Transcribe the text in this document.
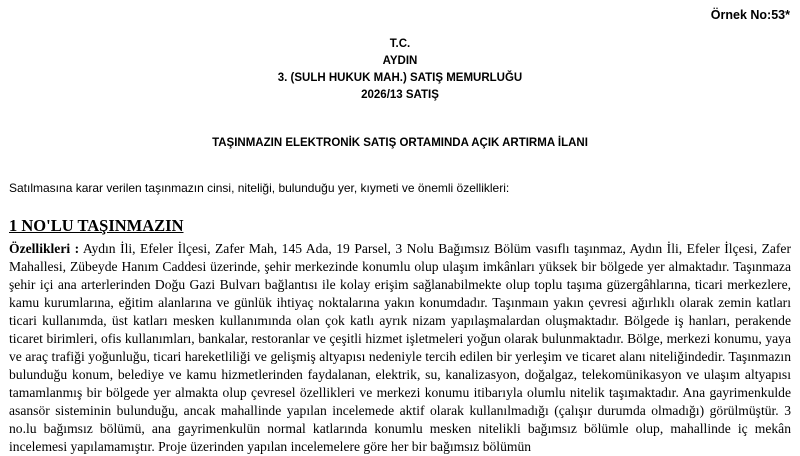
Örnek No:53*
T.C.
AYDIN
3. (SULH HUKUK MAH.) SATIŞ MEMURLUĞU
2026/13 SATIŞ
TAŞINMAZIN ELEKTRONİK SATIŞ ORTAMINDA AÇIK ARTIRMA İLANI
Satılmasına karar verilen taşınmazın cinsi, niteliği, bulunduğu yer, kıymeti ve önemli özellikleri:
1 NO'LU TAŞINMAZIN

Özellikleri : Aydın İli, Efeler İlçesi, Zafer Mah, 145 Ada, 19 Parsel, 3 Nolu Bağımsız Bölüm vasıflı taşınmaz, Aydın İli, Efeler İlçesi, Zafer Mahallesi, Zübeyde Hanım Caddesi üzerinde, şehir merkezinde konumlu olup ulaşım imkânları yüksek bir bölgede yer almaktadır. Taşınmaza şehir içi ana arterlerinden Doğu Gazi Bulvarı bağlantısı ile kolay erişim sağlanabilmekte olup toplu taşıma güzergâhlarına, ticari merkezlere, kamu kurumlarına, eğitim alanlarına ve günlük ihtiyaç noktalarına yakın konumdadır. Taşınmaın yakın çevresi ağırlıklı olarak zemin katları ticari kullanımda, üst katları mesken kullanımında olan çok katlı ayrık nizam yapılaşmalardan oluşmaktadır. Bölgede iş hanları, perakende ticaret birimleri, ofis kullanımları, bankalar, restoranlar ve çeşitli hizmet işletmeleri yoğun olarak bulunmaktadır. Bölge, merkezi konumu, yaya ve araç trafiği yoğunluğu, ticari hareketliliği ve gelişmiş altyapısı nedeniyle tercih edilen bir yerleşim ve ticaret alanı niteliğindedir. Taşınmazın bulunduğu konum, belediye ve kamu hizmetlerinden faydalanan, elektrik, su, kanalizasyon, doğalgaz, telekomünikasyon ve ulaşım altyapısı tamamlanmış bir bölgede yer almakta olup çevresel özellikleri ve merkezi konumu itibarıyla olumlu nitelik taşımaktadır. Ana gayrimenkulde asansör sisteminin bulunduğu, ancak mahallinde yapılan incelemede aktif olarak kullanılmadığı (çalışır durumda olmadığı) görülmüştür. 3 no.lu bağımsız bölümü, ana gayrimenkulün normal katlarında konumlu mesken nitelikli bağımsız bölümle olup, mahallinde iç mekân incelemesi yapılamamıştır. Proje üzerinden yapılan incelemelere göre her bir bağımsız bölümün
